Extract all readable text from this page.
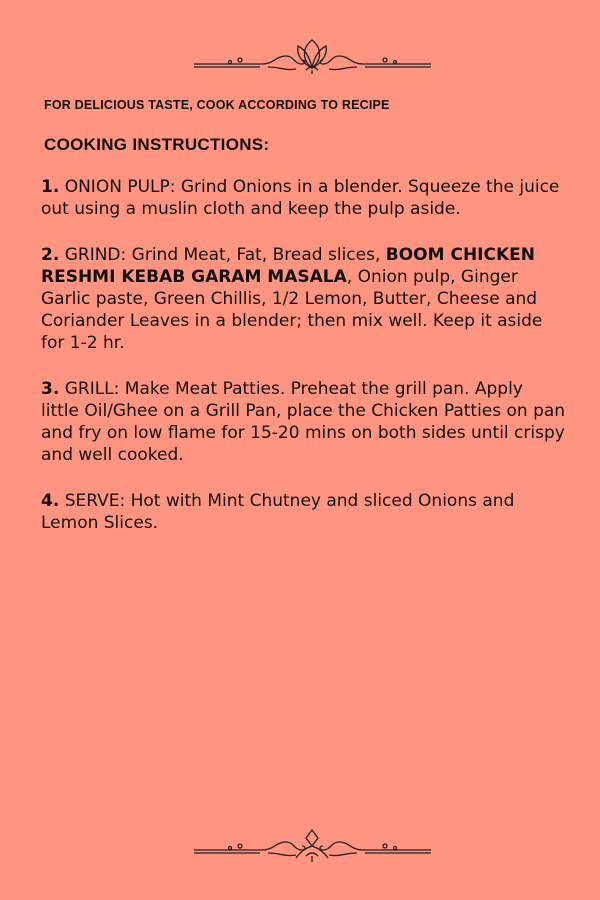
FOR DELICIOUS TASTE, COOK ACCORDING TO RECIPE

COOKING INSTRUCTIONS:
1. ONION PULP: Grind Onions in a blender. Squeeze the juice out using a muslin cloth and keep the pulp aside.
2. GRIND: Grind Meat, Fat, Bread slices, BOOM CHICKEN RESHMI KEBAB GARAM MASALA, Onion pulp, Ginger Garlic paste, Green Chillis, 1/2 Lemon, Butter, Cheese and Coriander Leaves in a blender; then mix well. Keep it aside for 1-2 hr.
3. GRILL: Make Meat Patties. Preheat the grill pan. Apply little Oil/Ghee on a Grill Pan, place the Chicken Patties on pan and fry on low flame for 15-20 mins on both sides until crispy and well cooked.
4. SERVE: Hot with Mint Chutney and sliced Onions and Lemon Slices.
